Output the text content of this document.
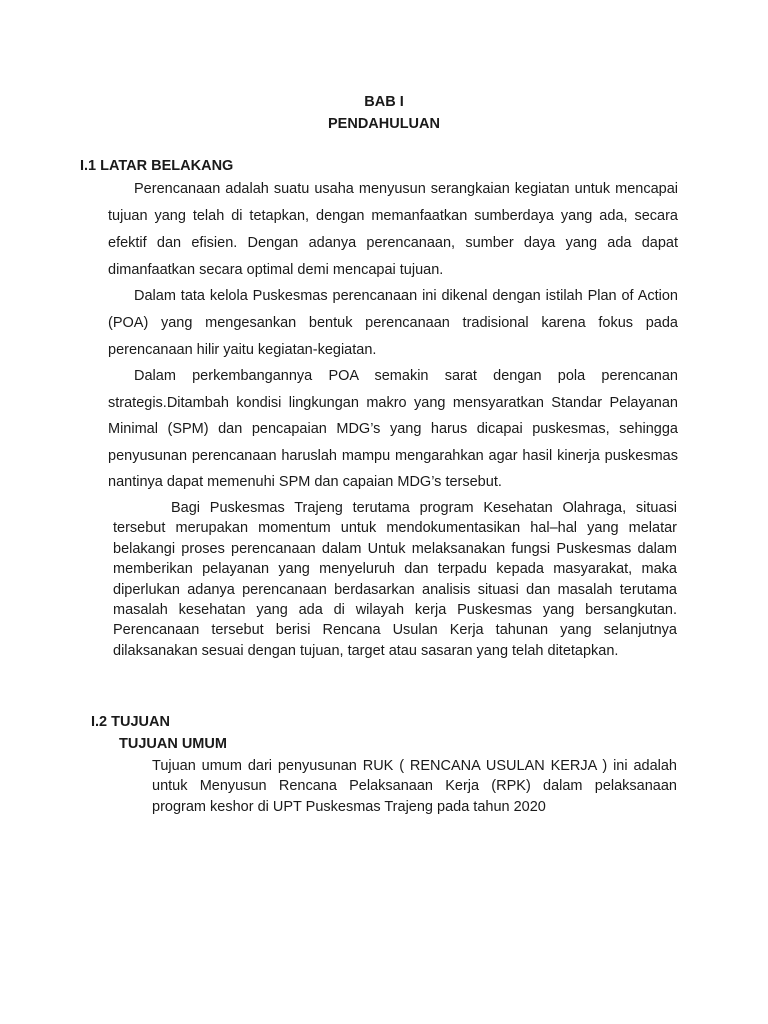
BAB I
PENDAHULUAN
I.1 LATAR BELAKANG

Perencanaan adalah suatu usaha menyusun serangkaian kegiatan untuk mencapai tujuan yang telah di tetapkan, dengan memanfaatkan sumberdaya yang ada, secara efektif dan efisien. Dengan adanya perencanaan, sumber daya yang ada dapat dimanfaatkan secara optimal demi mencapai tujuan.

Dalam tata kelola Puskesmas perencanaan ini dikenal dengan istilah Plan of Action (POA) yang mengesankan bentuk perencanaan tradisional karena fokus pada perencanaan hilir yaitu kegiatan-kegiatan.

Dalam perkembangannya POA semakin sarat dengan pola perencanan strategis.Ditambah kondisi lingkungan makro yang mensyaratkan Standar Pelayanan Minimal (SPM) dan pencapaian MDG’s yang harus dicapai puskesmas, sehingga penyusunan perencanaan haruslah mampu mengarahkan agar hasil kinerja puskesmas nantinya dapat memenuhi SPM dan capaian MDG’s tersebut.

Bagi Puskesmas Trajeng terutama program Kesehatan Olahraga, situasi tersebut merupakan momentum untuk mendokumentasikan hal–hal yang melatar belakangi proses perencanaan dalam Untuk melaksanakan fungsi Puskesmas dalam memberikan pelayanan yang menyeluruh dan terpadu kepada masyarakat, maka diperlukan adanya perencanaan berdasarkan analisis situasi dan masalah terutama masalah kesehatan yang ada di wilayah kerja Puskesmas yang bersangkutan. Perencanaan tersebut berisi Rencana Usulan Kerja tahunan yang selanjutnya dilaksanakan sesuai dengan tujuan, target atau sasaran yang telah ditetapkan.

I.2 TUJUAN
TUJUAN UMUM

Tujuan umum dari penyusunan RUK ( RENCANA USULAN KERJA ) ini adalah untuk Menyusun Rencana Pelaksanaan Kerja (RPK) dalam pelaksanaan program keshor di UPT Puskesmas Trajeng pada tahun 2020
